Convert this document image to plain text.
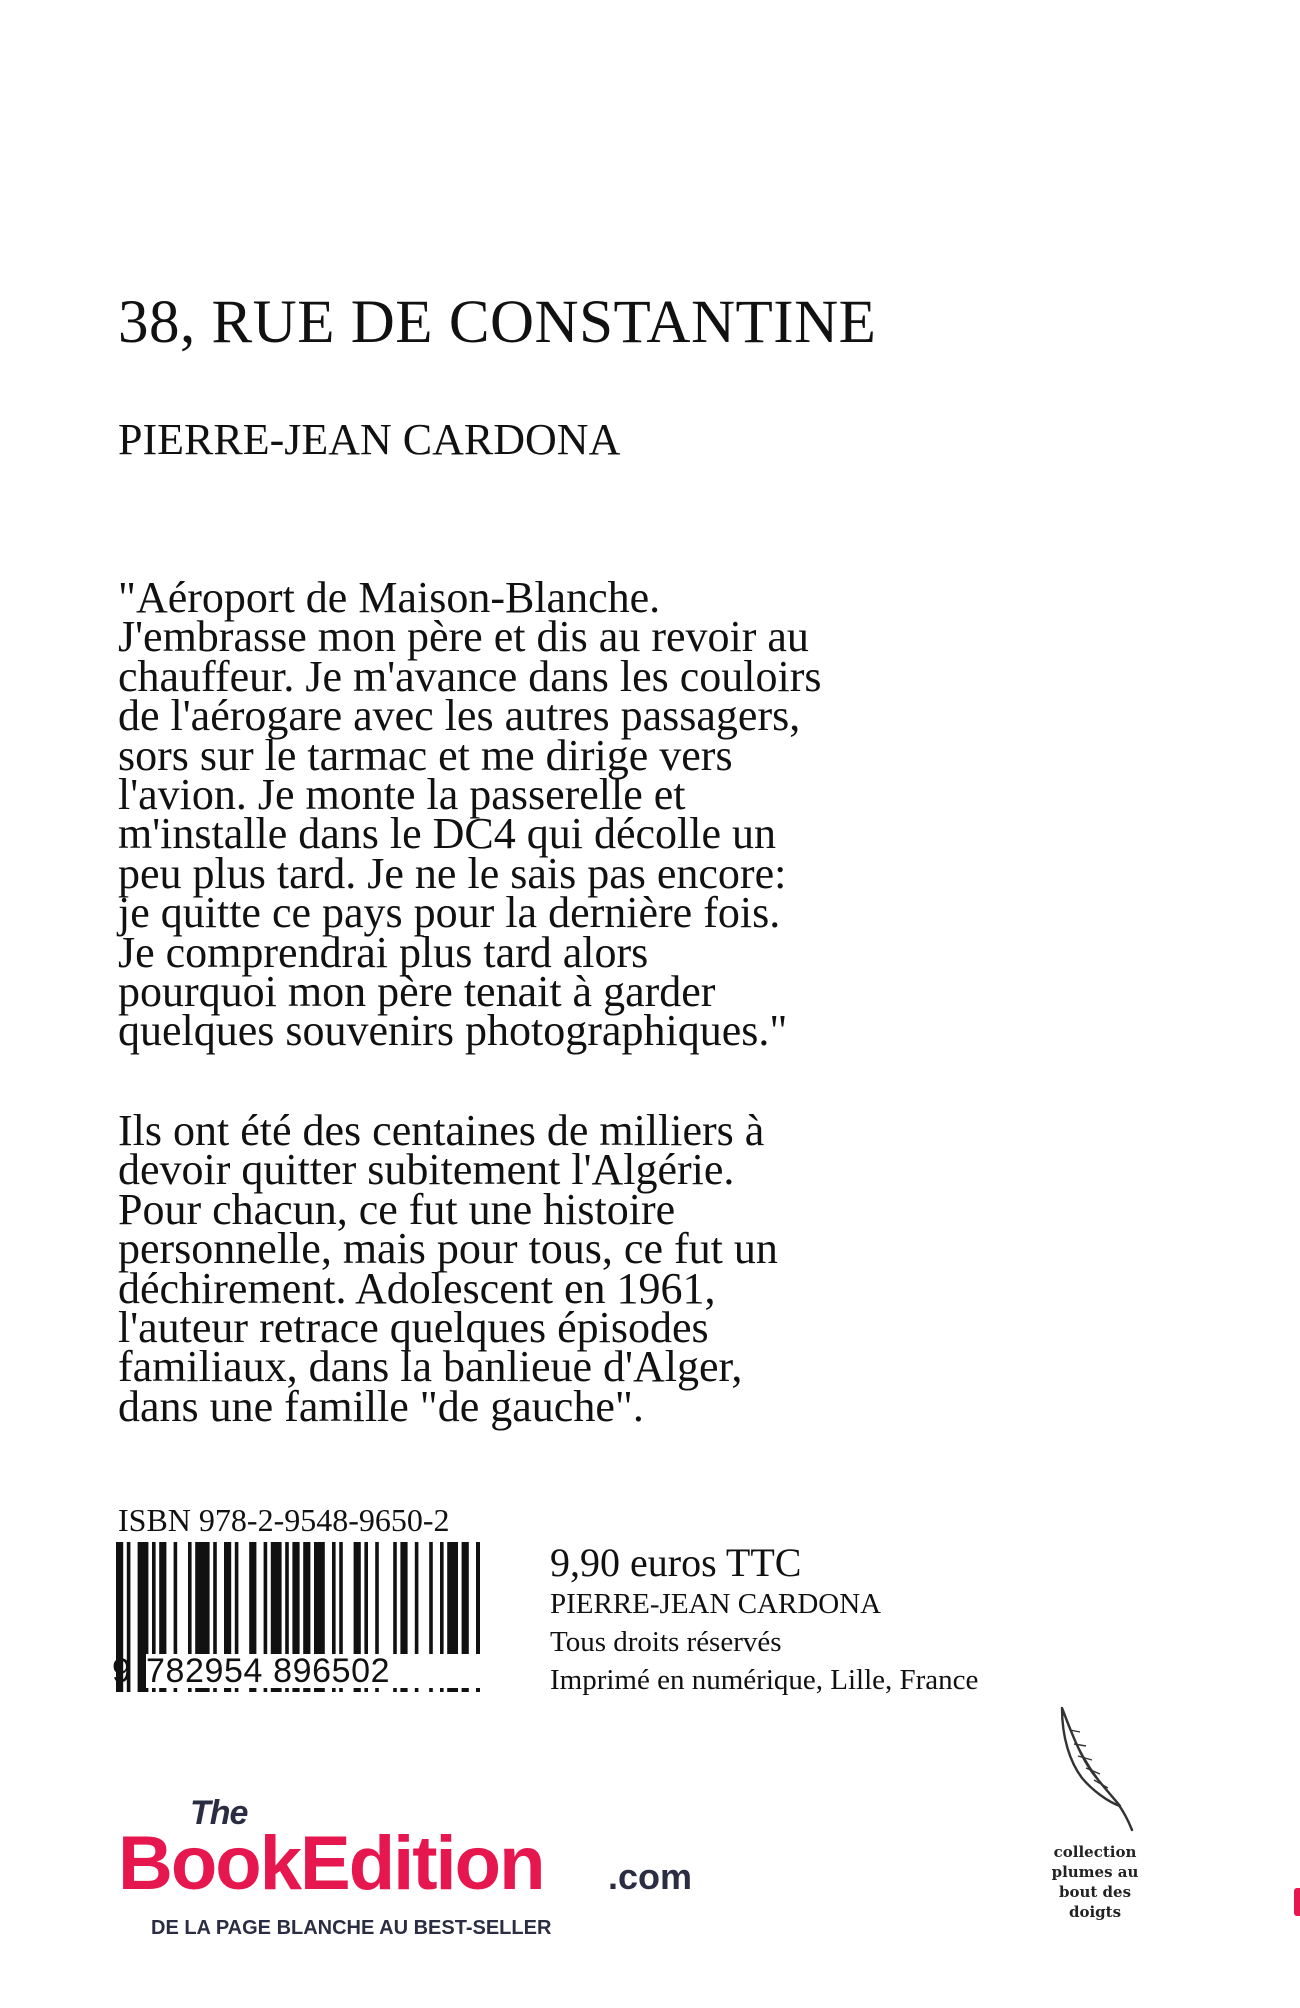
38, RUE DE CONSTANTINE
PIERRE-JEAN CARDONA
"Aéroport de Maison-Blanche.
J'embrasse mon père et dis au revoir au
chauffeur. Je m'avance dans les couloirs
de l'aérogare avec les autres passagers,
sors sur le tarmac et me dirige vers
l'avion. Je monte la passerelle et
m'installe dans le DC4 qui décolle un
peu plus tard. Je ne le sais pas encore:
je quitte ce pays pour la dernière fois.
Je comprendrai plus tard alors
pourquoi mon père tenait à garder
quelques souvenirs photographiques."
Ils ont été des centaines de milliers à
devoir quitter subitement l'Algérie.
Pour chacun, ce fut une histoire
personnelle, mais pour tous, ce fut un
déchirement. Adolescent en 1961,
l'auteur retrace quelques épisodes
familiaux, dans la banlieue d'Alger,
dans une famille "de gauche".
ISBN 978-2-9548-9650-2
9 782954 896502
9,90 euros TTC
PIERRE-JEAN CARDONA
Tous droits réservés
Imprimé en numérique, Lille, France
The
BookEdition .com
DE LA PAGE BLANCHE AU BEST-SELLER
collection
plumes au
bout des
doigts
